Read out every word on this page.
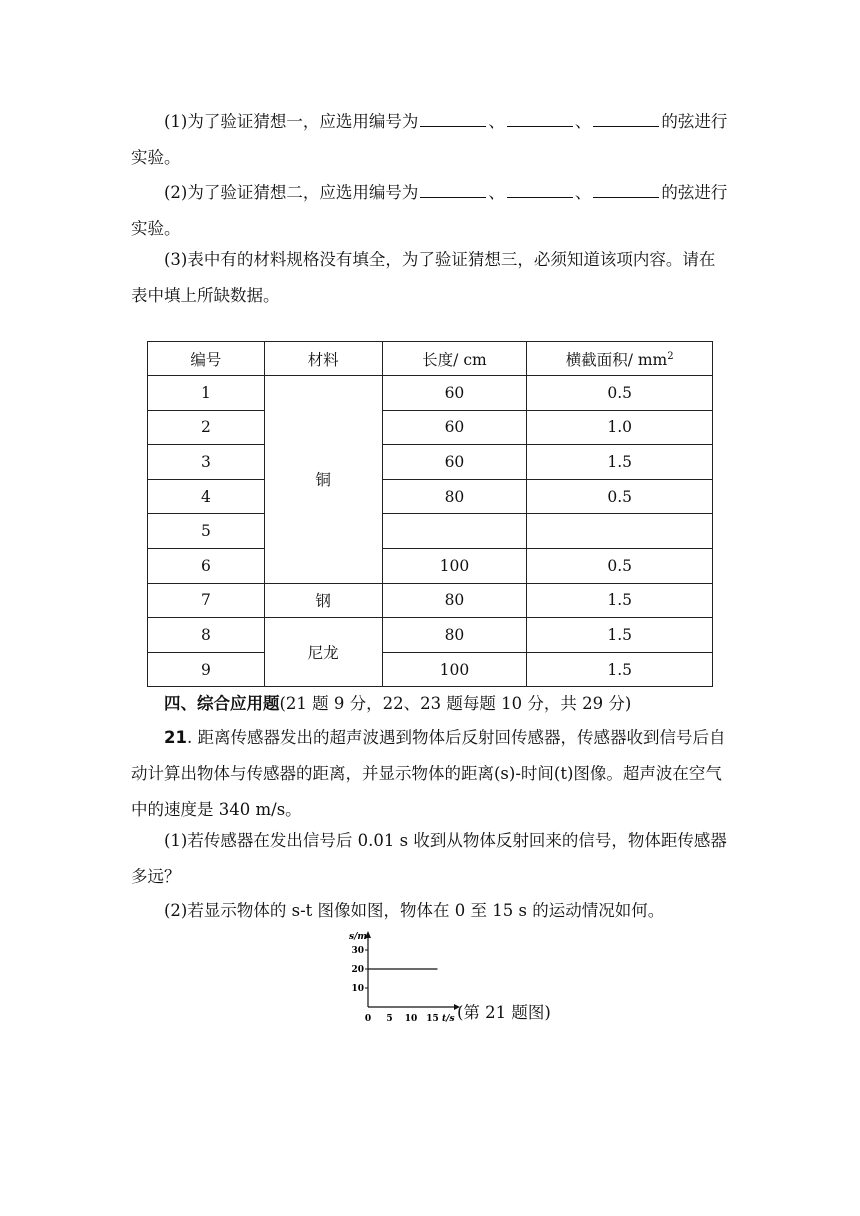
(1)为了验证猜想一，应选用编号为	、	、	的弦进行实验。

(2)为了验证猜想二，应选用编号为	、	、	的弦进行实验。

(3)表中有的材料规格没有填全，为了验证猜想三，必须知道该项内容。请在表中填上所缺数据。

编号	材料	长度/ cm	横截面积/ $mm^2$
1	铜	60	0.5
2		60	1.0
3		60	1.5
4		80	0.5
5			
6		100	0.5
7	钢	80	1.5
8	尼龙	80	1.5
9		100	1.5

四、综合应用题(21 题 9 分，22、23 题每题 10 分，共 29 分)

21. 距离传感器发出的超声波遇到物体后反射回传感器，传感器收到信号后自动计算出物体与传感器的距离，并显示物体的距离(s)-时间(t)图像。超声波在空气中的速度是 340 m/s。

(1)若传感器在发出信号后 0.01 s 收到从物体反射回来的信号，物体距传感器多远？

(2)若显示物体的 s-t 图像如图，物体在 0 至 15 s 的运动情况如何。

s/m
t/s
30
20
10
0 5 10 15 (第 21 题图)
